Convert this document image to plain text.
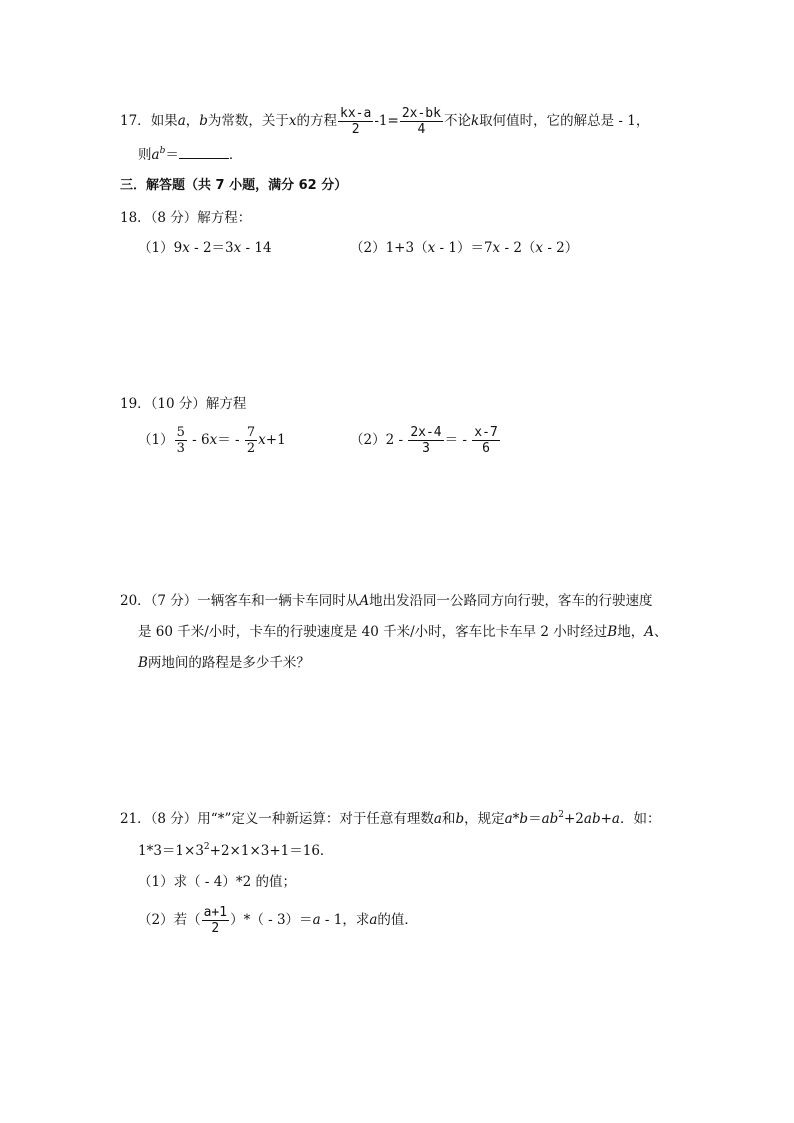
17．如果a，b为常数，关于x的方程 $\frac{kx-a}{2} -1= \frac{2x-bk}{4}$ 不论k取何值时，它的解总是 - 1，
则$a^b=$	．
三．解答题（共 7 小题，满分 62 分）
18．（8 分）解方程：
（1）9x - 2＝3x - 14	（2）1+3（x - 1）＝7x - 2（x - 2）
19．（10 分）解方程
$(1) \frac{5}{3} - 6x= - \frac{7}{2} x+1$	$(2)2 - \frac{2x-4}{3}$ ＝ - $\frac{x-7}{6}$
20．（7 分）一辆客车和一辆卡车同时从A地出发沿同一公路同方向行驶，客车的行驶速度
是 60 千米/小时，卡车的行驶速度是 40 千米/小时，客车比卡车早 2 小时经过B地，A、
B两地间的路程是多少千米？
21．（8 分）用“*”定义一种新运算：对于任意有理数a和b，规定$a*b=ab^2+2ab+a$．如：
$1*3=1\times 3^2+2\times 1\times 3+1=16$．
（1）求（ - 4）*2 的值；
（2）若（ $\frac{a+1}{2}$ ）*（ - 3）＝a - 1，求a的值．
